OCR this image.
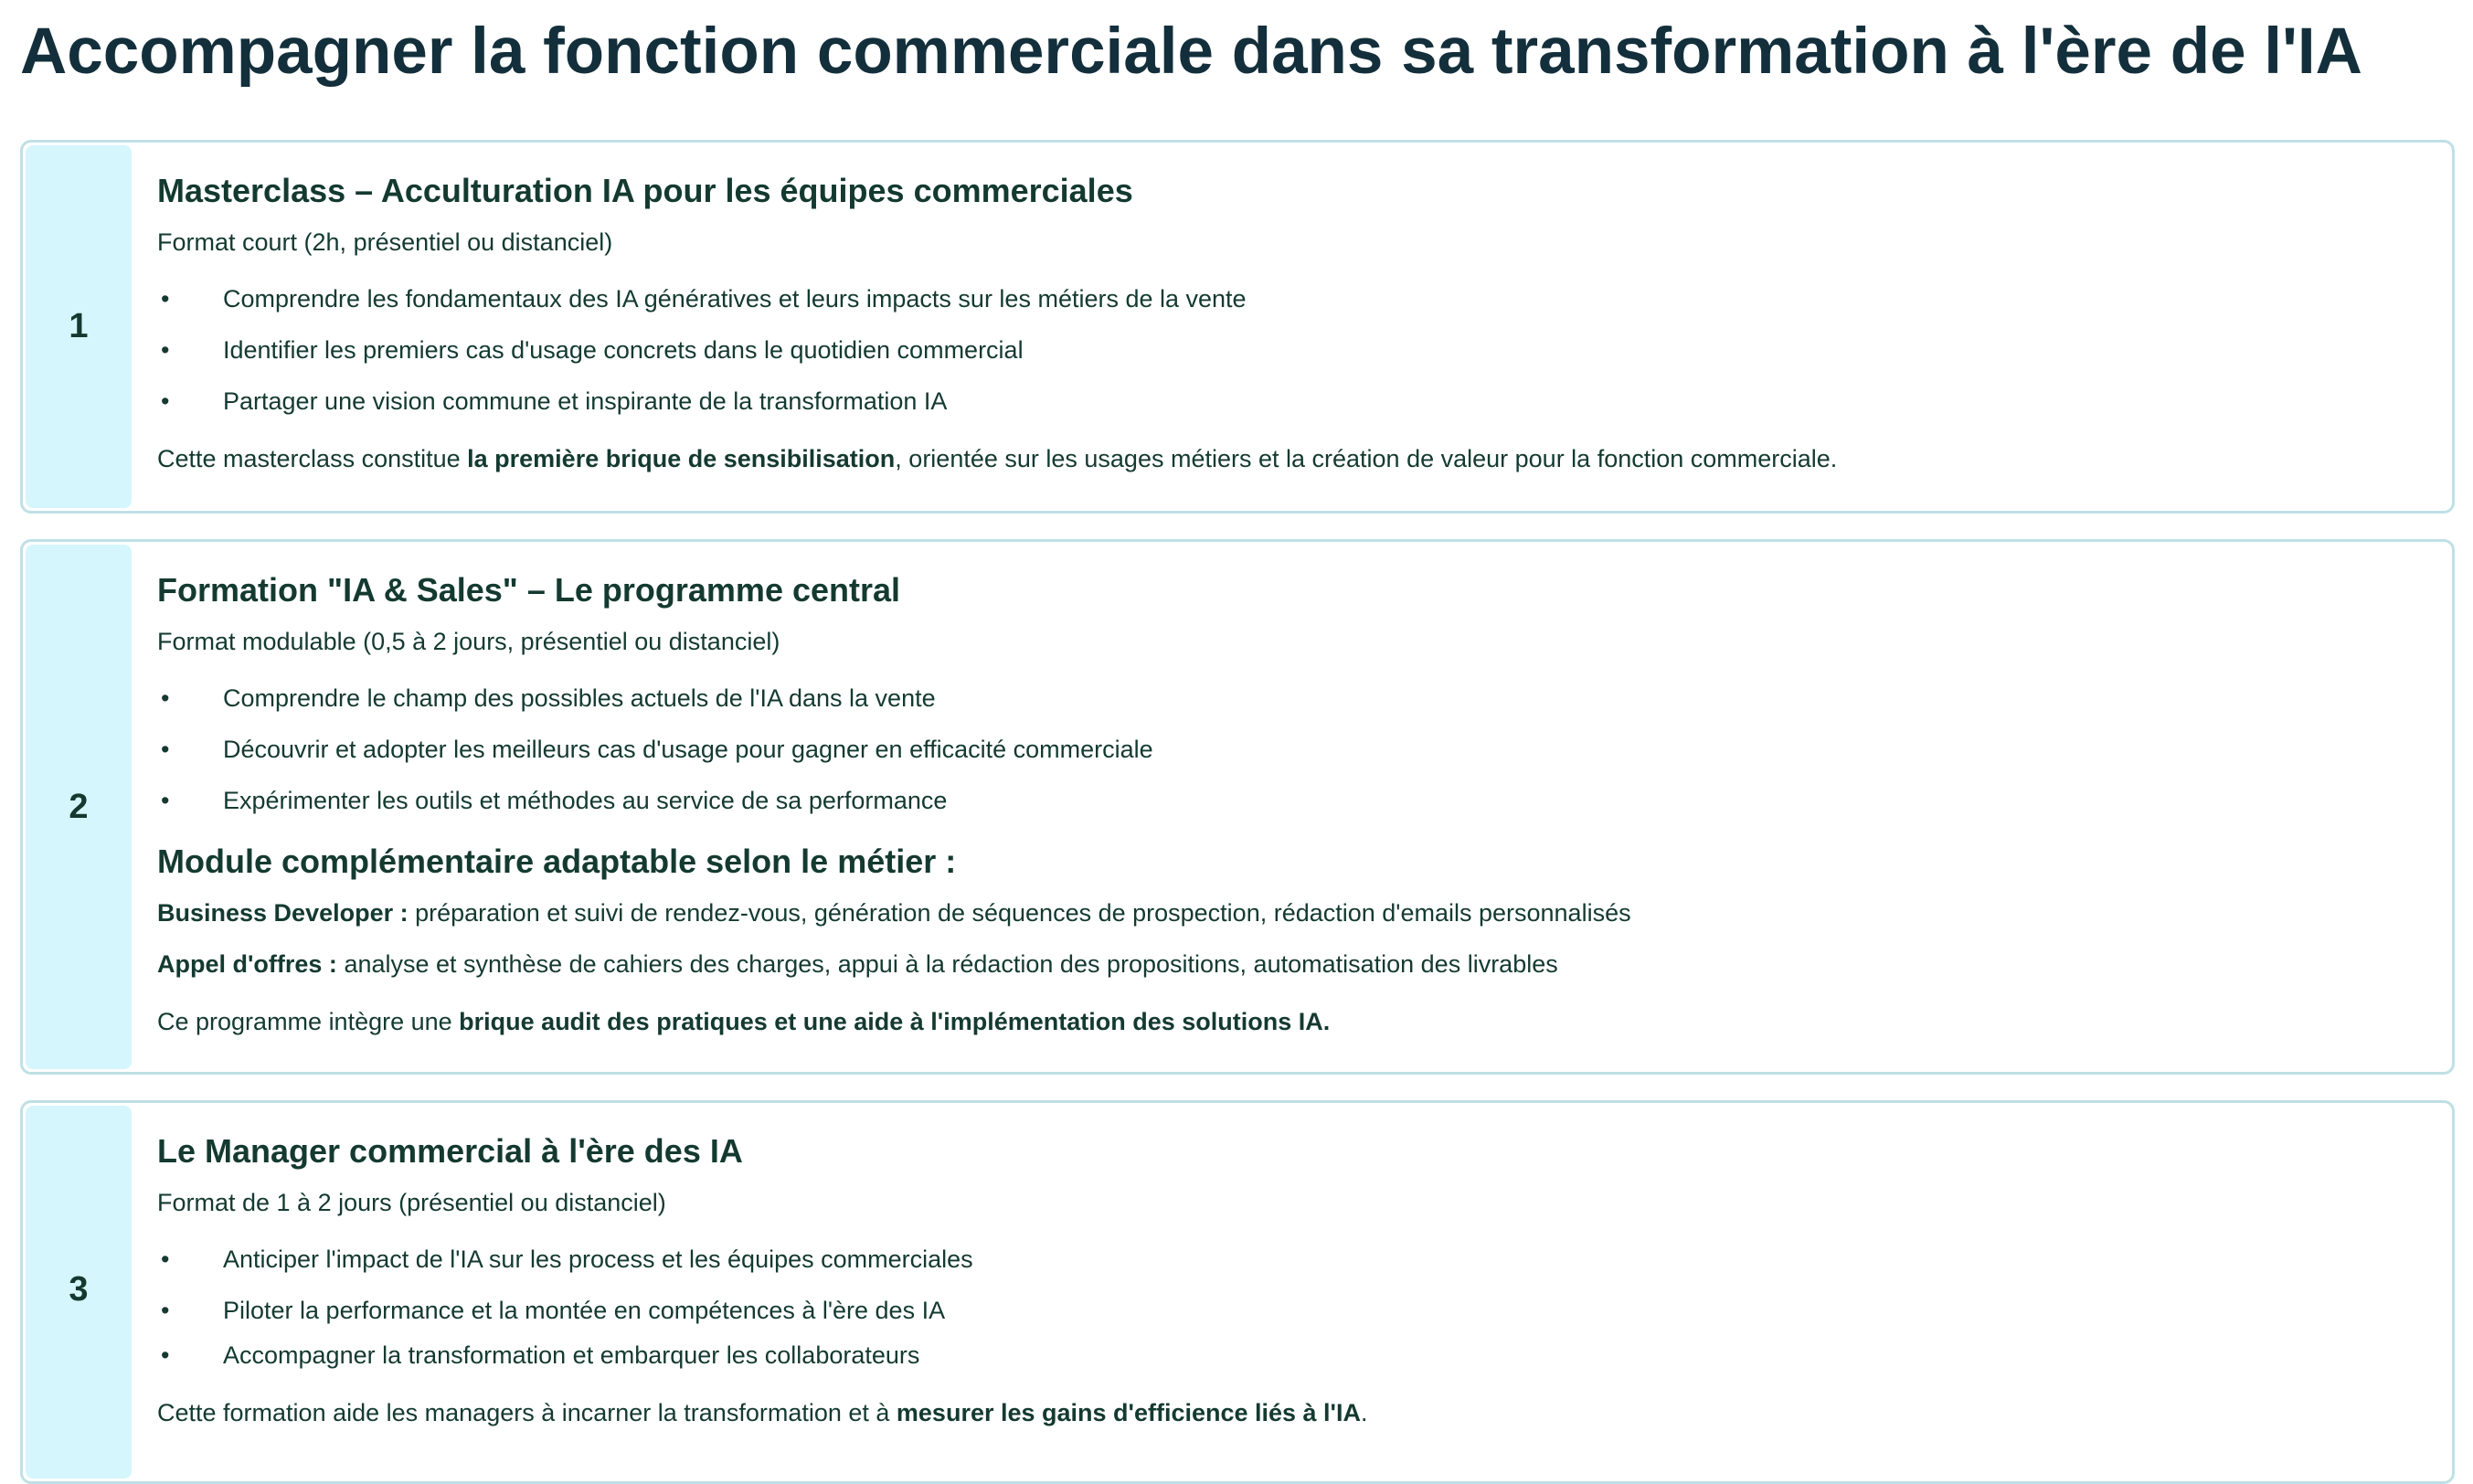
Accompagner la fonction commerciale dans sa transformation à l'ère de l'IA
1

Masterclass – Acculturation IA pour les équipes commerciales

Format court (2h, présentiel ou distanciel)

•	Comprendre les fondamentaux des IA génératives et leurs impacts sur les métiers de la vente
•	Identifier les premiers cas d'usage concrets dans le quotidien commercial
•	Partager une vision commune et inspirante de la transformation IA

Cette masterclass constitue la première brique de sensibilisation, orientée sur les usages métiers et la création de valeur pour la fonction commerciale.

2

Formation "IA & Sales" – Le programme central

Format modulable (0,5 à 2 jours, présentiel ou distanciel)

•	Comprendre le champ des possibles actuels de l'IA dans la vente
•	Découvrir et adopter les meilleurs cas d'usage pour gagner en efficacité commerciale
•	Expérimenter les outils et méthodes au service de sa performance

Module complémentaire adaptable selon le métier :

Business Developer : préparation et suivi de rendez-vous, génération de séquences de prospection, rédaction d'emails personnalisés

Appel d'offres : analyse et synthèse de cahiers des charges, appui à la rédaction des propositions, automatisation des livrables

Ce programme intègre une brique audit des pratiques et une aide à l'implémentation des solutions IA.

3

Le Manager commercial à l'ère des IA

Format de 1 à 2 jours (présentiel ou distanciel)

•	Anticiper l'impact de l'IA sur les process et les équipes commerciales
•	Piloter la performance et la montée en compétences à l'ère des IA
•	Accompagner la transformation et embarquer les collaborateurs

Cette formation aide les managers à incarner la transformation et à mesurer les gains d'efficience liés à l'IA.
